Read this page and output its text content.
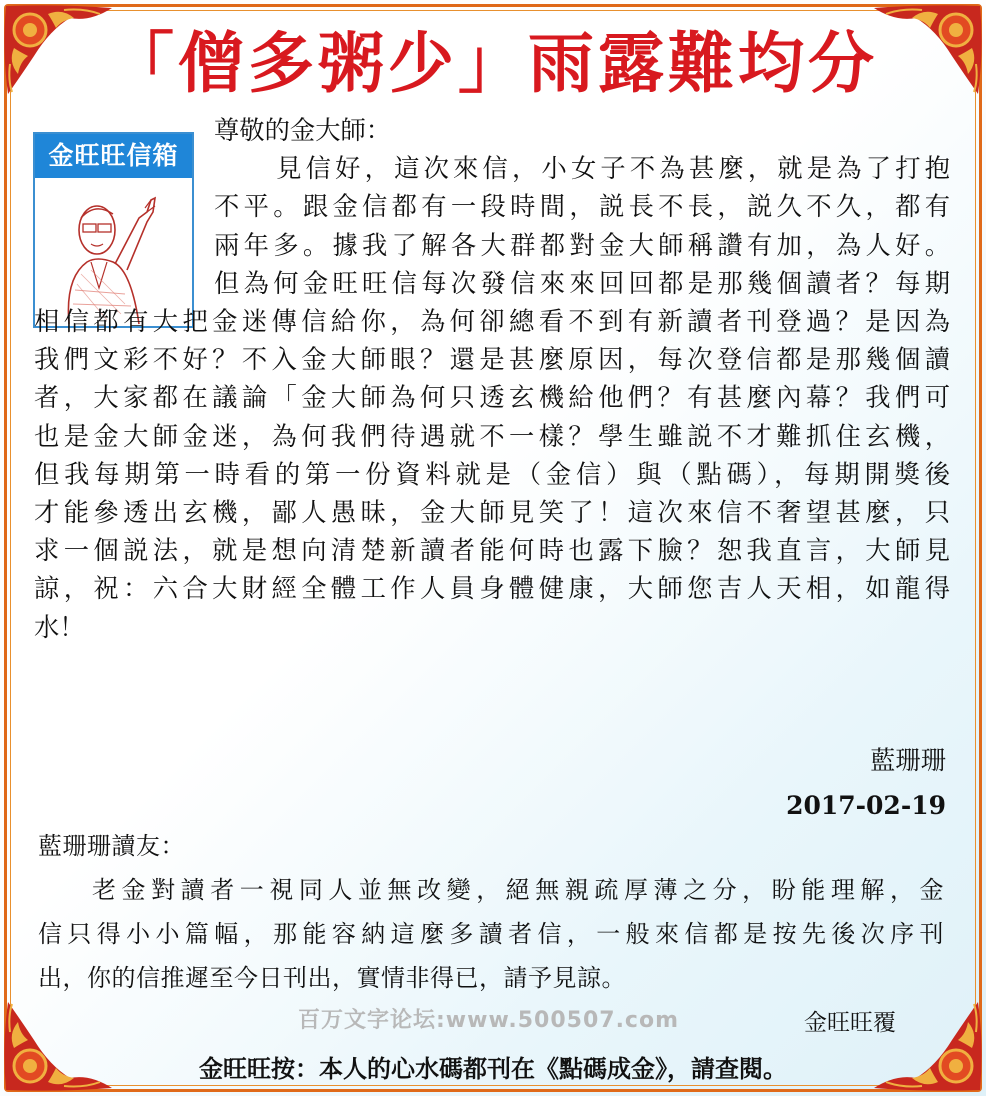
「僧多粥少」雨露難均分
金旺旺信箱
尊敬的金大師：
見信好，這次來信，小女子不為甚麼，就是為了打抱
不平。跟金信都有一段時間，説長不長，説久不久，都有
兩年多。據我了解各大群都對金大師稱讚有加，為人好。
但為何金旺旺信每次發信來來回回都是那幾個讀者？每期
相信都有大把金迷傳信給你，為何卻總看不到有新讀者刊登過？是因為
我們文彩不好？不入金大師眼？還是甚麼原因，每次登信都是那幾個讀
者，大家都在議論「金大師為何只透玄機給他們？有甚麼內幕？我們可
也是金大師金迷，為何我們待遇就不一樣？學生雖説不才難抓住玄機，
但我每期第一時看的第一份資料就是（金信）與（點碼），每期開獎後
才能參透出玄機，鄙人愚昧，金大師見笑了！這次來信不奢望甚麼，只
求一個説法，就是想向清楚新讀者能何時也露下臉？恕我直言，大師見
諒，祝：六合大財經全體工作人員身體健康，大師您吉人天相，如龍得
水！
藍珊珊
2017-02-19
藍珊珊讀友：
老金對讀者一視同人並無改變，絕無親疏厚薄之分，盼能理解，金
信只得小小篇幅，那能容納這麼多讀者信，一般來信都是按先後次序刊
出，你的信推遲至今日刊出，實情非得已，請予見諒。
百万文字论坛:www.500507.com	金旺旺覆
金旺旺按：本人的心水碼都刊在《點碼成金》，請查閱。
